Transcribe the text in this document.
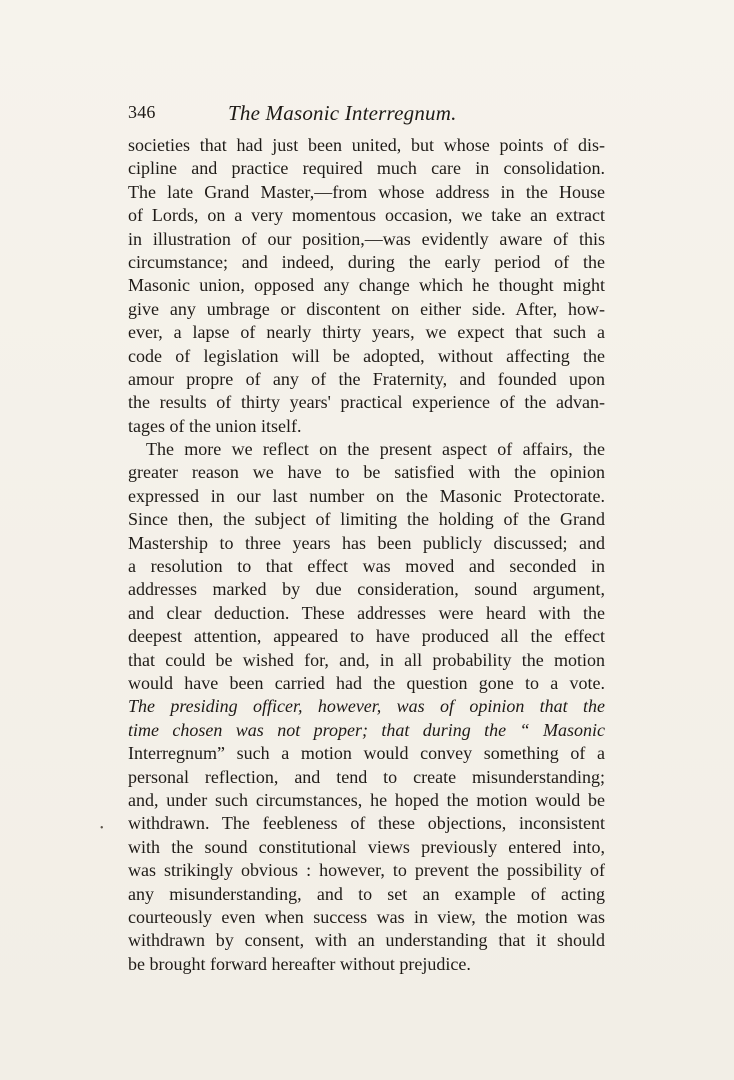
346	The Masonic Interregnum.
societies that had just been united, but whose points of dis-
cipline and practice required much care in consolidation.
The late Grand Master,—from whose address in the House
of Lords, on a very momentous occasion, we take an extract
in illustration of our position,—was evidently aware of this
circumstance; and indeed, during the early period of the
Masonic union, opposed any change which he thought might
give any umbrage or discontent on either side. After, how-
ever, a lapse of nearly thirty years, we expect that such a
code of legislation will be adopted, without affecting the
amour propre of any of the Fraternity, and founded upon
the results of thirty years' practical experience of the advan-
tages of the union itself.
The more we reflect on the present aspect of affairs, the
greater reason we have to be satisfied with the opinion
expressed in our last number on the Masonic Protectorate.
Since then, the subject of limiting the holding of the Grand
Mastership to three years has been publicly discussed; and
a resolution to that effect was moved and seconded in
addresses marked by due consideration, sound argument,
and clear deduction. These addresses were heard with the
deepest attention, appeared to have produced all the effect
that could be wished for, and, in all probability the motion
would have been carried had the question gone to a vote.
The presiding officer, however, was of opinion that the
time chosen was not proper; that during the “ Masonic
Interregnum” such a motion would convey something of a
personal reflection, and tend to create misunderstanding;
and, under such circumstances, he hoped the motion would be
withdrawn. The feebleness of these objections, inconsistent
with the sound constitutional views previously entered into,
was strikingly obvious : however, to prevent the possibility of
any misunderstanding, and to set an example of acting
courteously even when success was in view, the motion was
withdrawn by consent, with an understanding that it should
be brought forward hereafter without prejudice.
•
